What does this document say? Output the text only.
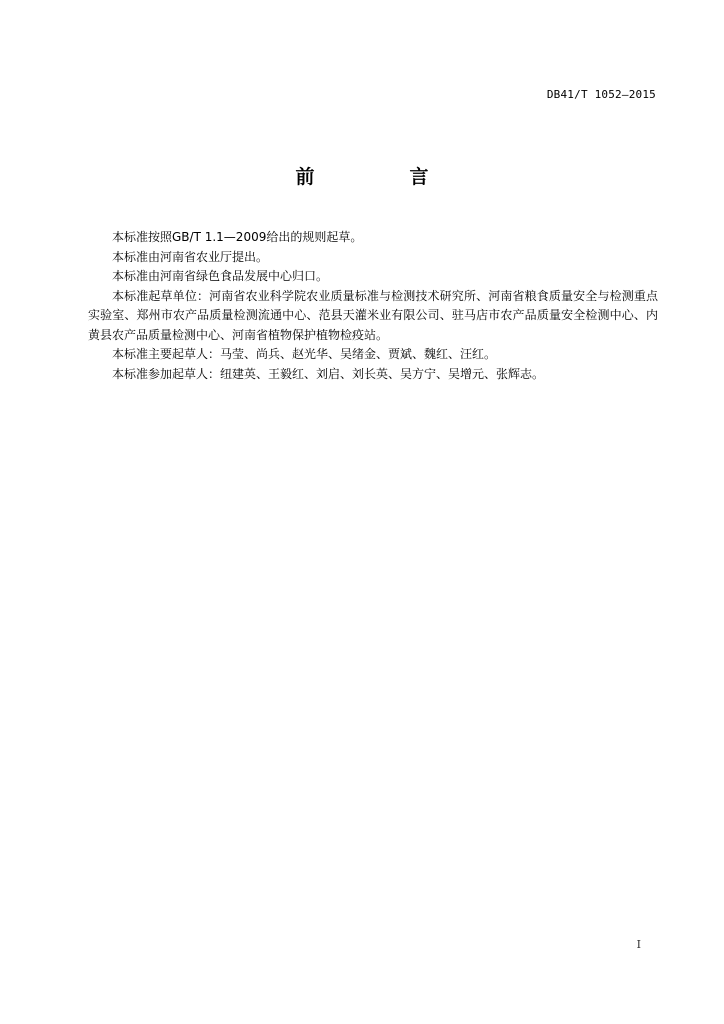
DB41/T 1052—2015
前　言

本标准按照GB/T 1.1—2009给出的规则起草。

本标准由河南省农业厅提出。

本标准由河南省绿色食品发展中心归口。

本标准起草单位：河南省农业科学院农业质量标准与检测技术研究所、河南省粮食质量安全与检测重点实验室、郑州市农产品质量检测流通中心、范县天灌米业有限公司、驻马店市农产品质量安全检测中心、内黄县农产品质量检测中心、河南省植物保护植物检疫站。

本标准主要起草人：马莹、尚兵、赵光华、吴绪金、贾斌、魏红、汪红。

本标准参加起草人：纽建英、王毅红、刘启、刘长英、吴方宁、吴增元、张辉志。

I
